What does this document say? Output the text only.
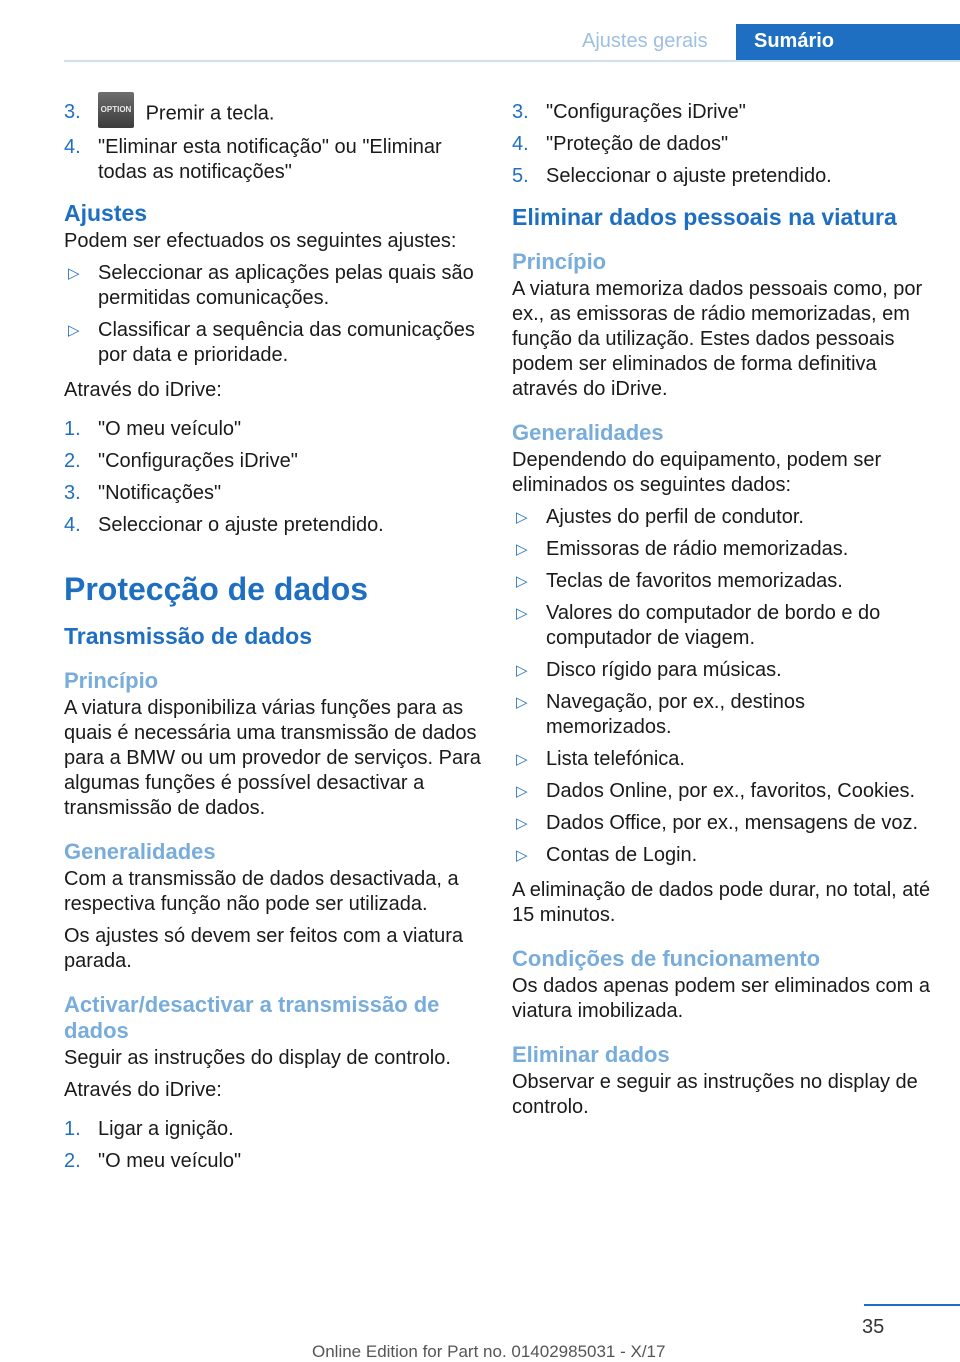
Ajustes gerais	Sumário
3. OPTION Premir a tecla.
4. "Eliminar esta notificação" ou "Eliminar todas as notificações"
Ajustes

Podem ser efectuados os seguintes ajustes:

▷ Seleccionar as aplicações pelas quais são permitidas comunicações.
▷ Classificar a sequência das comunicações por data e prioridade.

Através do iDrive:

1. "O meu veículo"
2. "Configurações iDrive"
3. "Notificações"
4. Seleccionar o ajuste pretendido.
Protecção de dados
Transmissão de dados
Princípio

A viatura disponibiliza várias funções para as quais é necessária uma transmissão de dados para a BMW ou um provedor de serviços. Para algumas funções é possível desactivar a transmissão de dados.

Generalidades

Com a transmissão de dados desactivada, a respectiva função não pode ser utilizada.

Os ajustes só devem ser feitos com a viatura parada.

Activar/desactivar a transmissão de dados

Seguir as instruções do display de controlo.

Através do iDrive:

1. Ligar a ignição.
2. "O meu veículo"
3. "Configurações iDrive"
4. "Proteção de dados"
5. Seleccionar o ajuste pretendido.
Eliminar dados pessoais na viatura
Princípio

A viatura memoriza dados pessoais como, por ex., as emissoras de rádio memorizadas, em função da utilização. Estes dados pessoais podem ser eliminados de forma definitiva através do iDrive.

Generalidades

Dependendo do equipamento, podem ser eliminados os seguintes dados:

▷ Ajustes do perfil de condutor.
▷ Emissoras de rádio memorizadas.
▷ Teclas de favoritos memorizadas.
▷ Valores do computador de bordo e do computador de viagem.
▷ Disco rígido para músicas.
▷ Navegação, por ex., destinos memorizados.
▷ Lista telefónica.
▷ Dados Online, por ex., favoritos, Cookies.
▷ Dados Office, por ex., mensagens de voz.
▷ Contas de Login.

A eliminação de dados pode durar, no total, até 15 minutos.

Condições de funcionamento

Os dados apenas podem ser eliminados com a viatura imobilizada.

Eliminar dados

Observar e seguir as instruções no display de controlo.

35
Online Edition for Part no. 01402985031 - X/17
